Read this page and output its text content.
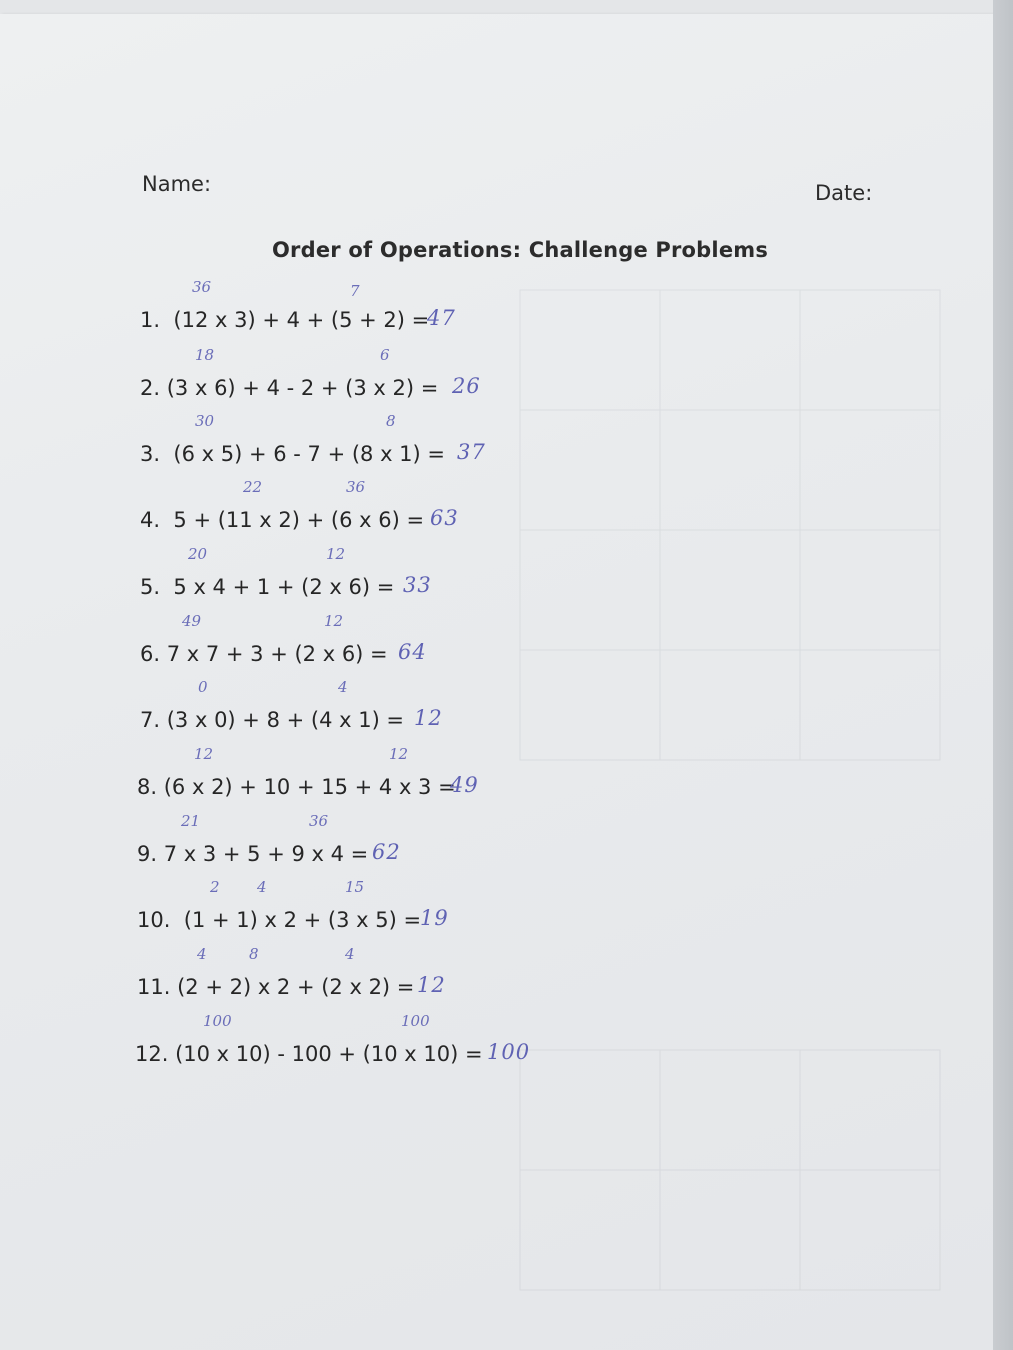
Name:	Date:
Order of Operations: Challenge Problems
36	7
1. (12 x 3) + 4 + (5 + 2) =
47
18	6
2. (3 x 6) + 4 - 2 + (3 x 2) = 26
30	8
3. (6 x 5) + 6 - 7 + (8 x 1) = 37
22	36
4. 5 + (11 x 2) + (6 x 6) = 63
20	12
5. 5 x 4 + 1 + (2 x 6) = 33
49	12
6. 7 x 7 + 3 + (2 x 6) = 64
0	4
7. (3 x 0) + 8 + (4 x 1) = 12
12	12
8. (6 x 2) + 10 + 15 + 4 x 3 =
49
21	36
9. 7 x 3 + 5 + 9 x 4 = 62
2 4	15
10. (1 + 1) x 2 + (3 x 5) =
19
4	8	4
11. (2 + 2) x 2 + (2 x 2) = 12
100	100
12. (10 x 10) - 100 + (10 x 10) = 100
